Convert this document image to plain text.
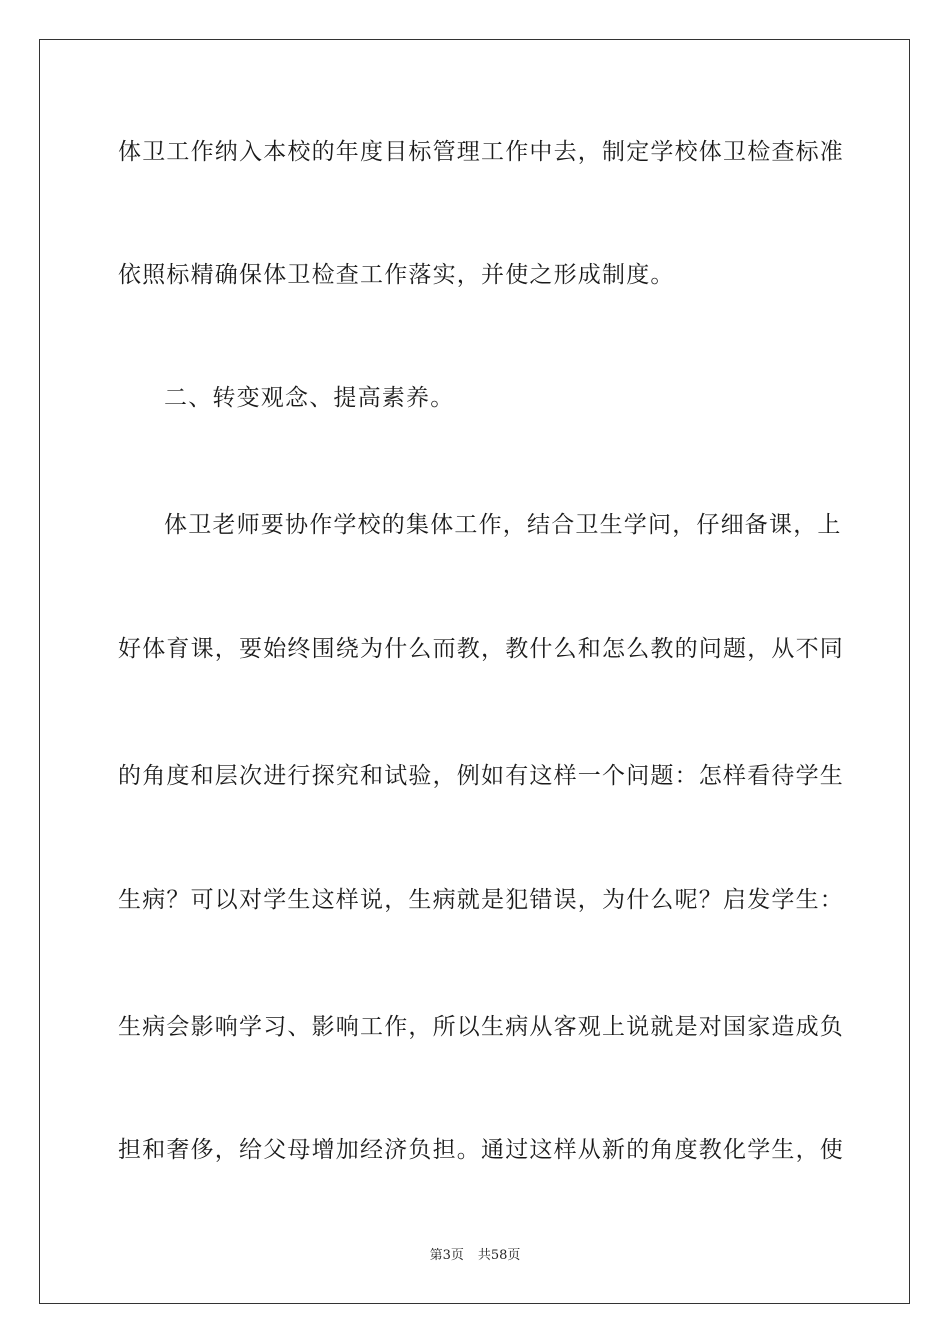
体卫工作纳入本校的年度目标管理工作中去，制定学校体卫检查标准
依照标精确保体卫检查工作落实，并使之形成制度。
二、转变观念、提高素养。
体卫老师要协作学校的集体工作，结合卫生学问，仔细备课，上
好体育课，要始终围绕为什么而教，教什么和怎么教的问题，从不同
的角度和层次进行探究和试验，例如有这样一个问题：怎样看待学生
生病？可以对学生这样说，生病就是犯错误，为什么呢？启发学生：
生病会影响学习、影响工作，所以生病从客观上说就是对国家造成负
担和奢侈，给父母增加经济负担。通过这样从新的角度教化学生，使
第3页 共58页
